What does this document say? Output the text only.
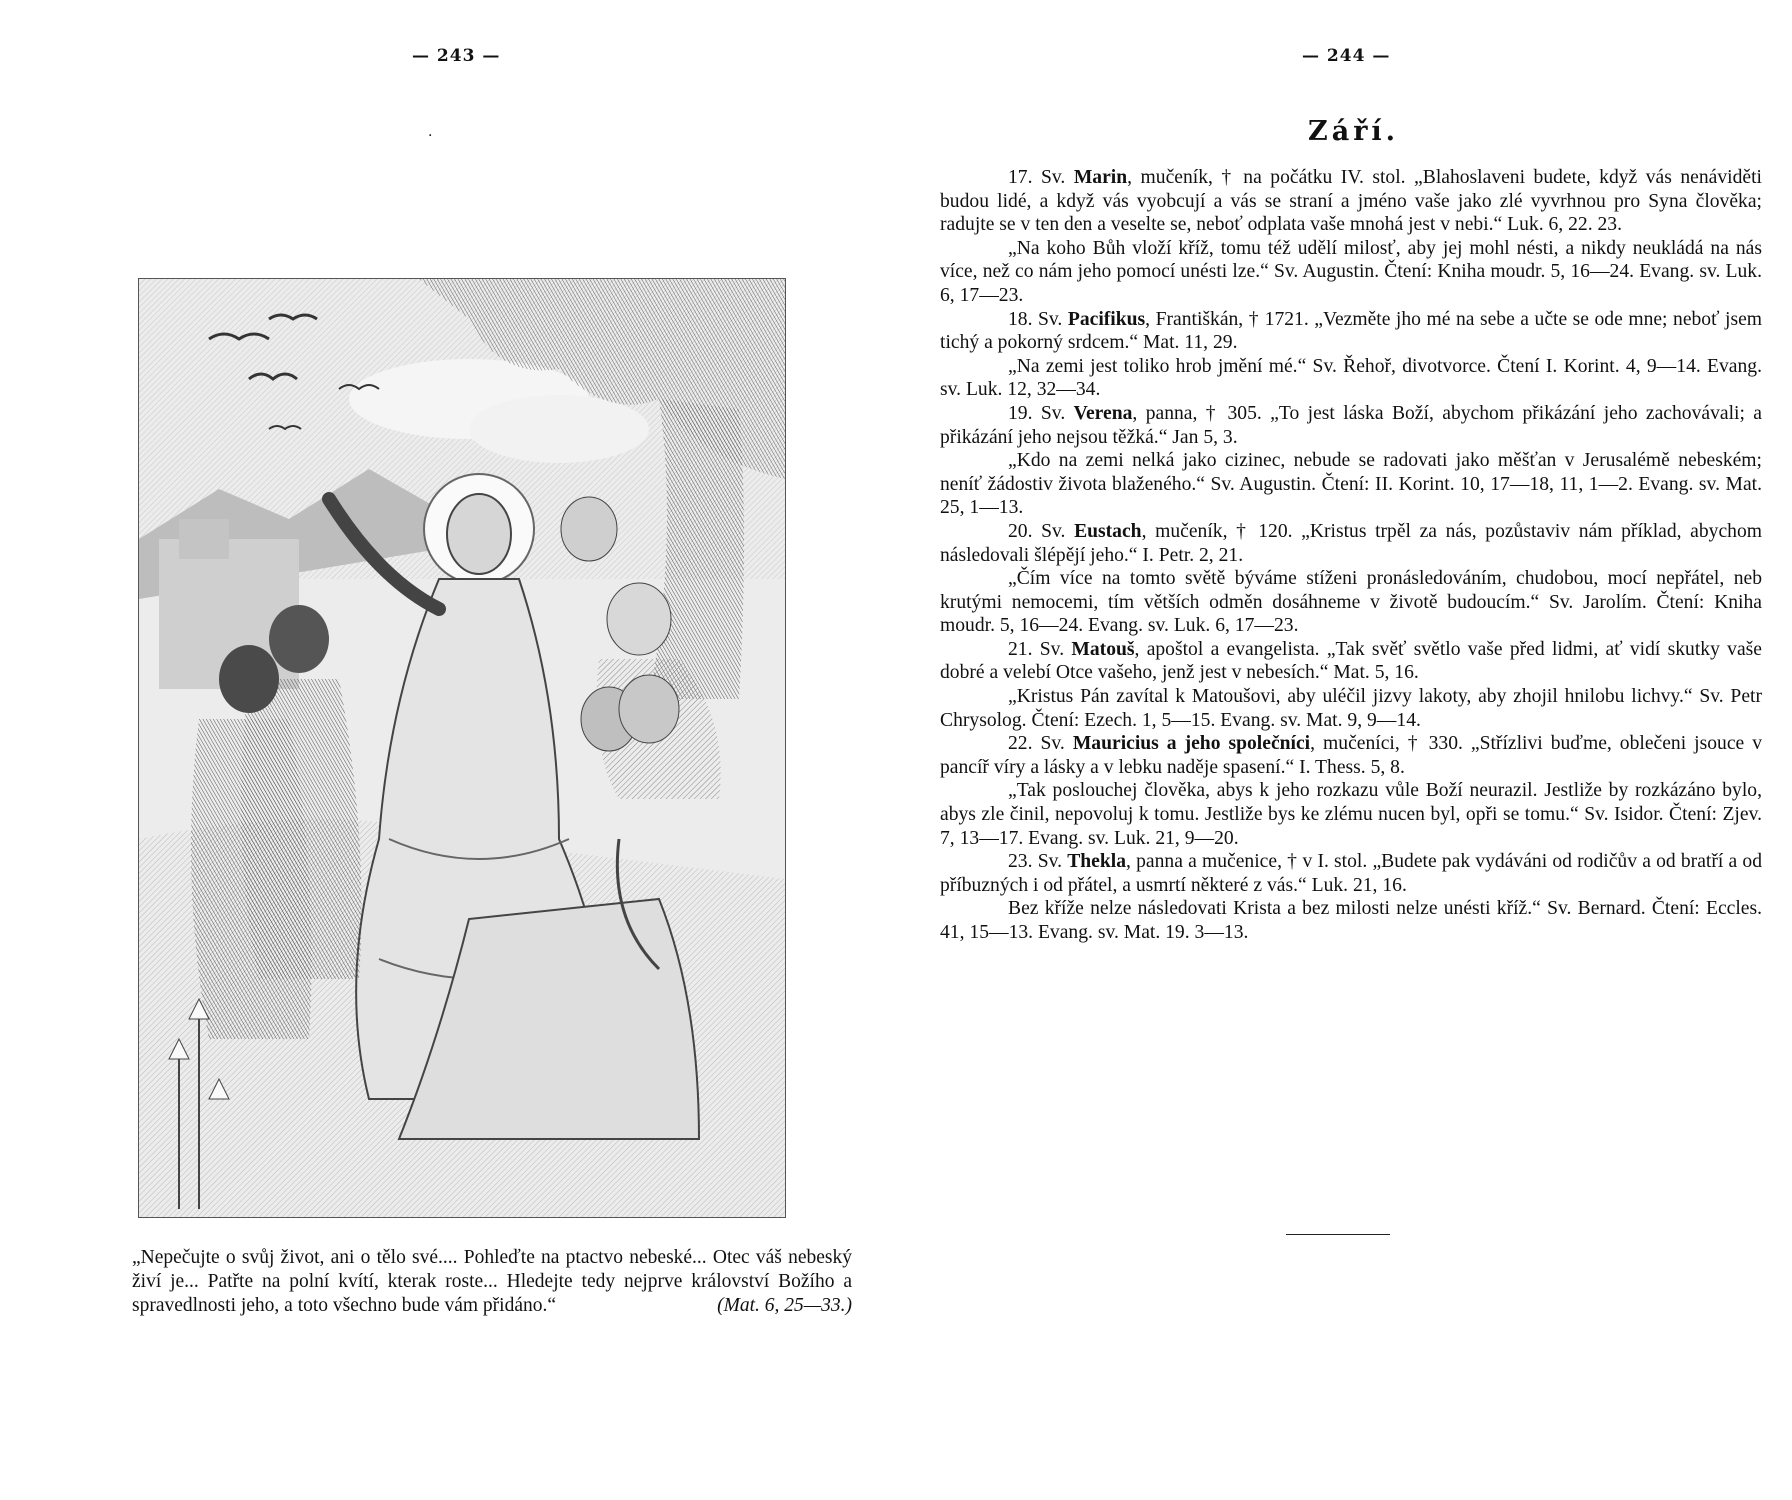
— 243 —	— 244 —
·
„Nepečujte o svůj život, ani o tělo své.... Pohleďte na ptactvo nebeské... Otec váš nebeský živí je... Patřte na polní kvítí, kterak roste... Hledejte tedy nejprve království Božího a spravedlnosti jeho, a toto všechno bude vám přidáno.“	(Mat. 6, 25—33.)
Září.

17. Sv. Marin, mučeník, † na počátku IV. stol. „Blahoslaveni budete, když vás nenáviděti budou lidé, a když vás vyobcují a vás se straní a jméno vaše jako zlé vyvrhnou pro Syna člověka; radujte se v ten den a veselte se, neboť odplata vaše mnohá jest v nebi.“ Luk. 6, 22. 23.

„Na koho Bůh vloží kříž, tomu též udělí milosť, aby jej mohl nésti, a nikdy neukládá na nás více, než co nám jeho pomocí unésti lze.“ Sv. Augustin. Čtení: Kniha moudr. 5, 16—24. Evang. sv. Luk. 6, 17—23.

18. Sv. Pacifikus, Františkán, † 1721. „Vezměte jho mé na sebe a učte se ode mne; neboť jsem tichý a pokorný srdcem.“ Mat. 11, 29.

„Na zemi jest toliko hrob jmění mé.“ Sv. Řehoř, divotvorce. Čtení I. Korint. 4, 9—14. Evang. sv. Luk. 12, 32—34.

19. Sv. Verena, panna, † 305. „To jest láska Boží, abychom přikázání jeho zachovávali; a přikázání jeho nejsou těžká.“ Jan 5, 3.

„Kdo na zemi nelká jako cizinec, nebude se radovati jako měšťan v Jerusalémě nebeském; neníť žádostiv života blaženého.“ Sv. Augustin. Čtení: II. Korint. 10, 17—18, 11, 1—2. Evang. sv. Mat. 25, 1—13.

20. Sv. Eustach, mučeník, † 120. „Kristus trpěl za nás, pozůstaviv nám příklad, abychom následovali šlépějí jeho.“ I. Petr. 2, 21.

„Čím více na tomto světě býváme stíženi pronásledováním, chudobou, mocí nepřátel, neb krutými nemocemi, tím větších odměn dosáhneme v životě budoucím.“ Sv. Jarolím. Čtení: Kniha moudr. 5, 16—24. Evang. sv. Luk. 6, 17—23.

21. Sv. Matouš, apoštol a evangelista. „Tak svěť světlo vaše před lidmi, ať vidí skutky vaše dobré a velebí Otce vašeho, jenž jest v nebesích.“ Mat. 5, 16.

„Kristus Pán zavítal k Matoušovi, aby uléčil jizvy lakoty, aby zhojil hnilobu lichvy.“ Sv. Petr Chrysolog. Čtení: Ezech. 1, 5—15. Evang. sv. Mat. 9, 9—14.

22. Sv. Mauricius a jeho společníci, mučeníci, † 330. „Střízlivi buďme, oblečeni jsouce v pancíř víry a lásky a v lebku naděje spasení.“ I. Thess. 5, 8.

„Tak poslouchej člověka, abys k jeho rozkazu vůle Boží neurazil. Jestliže by rozkázáno bylo, abys zle činil, nepovoluj k tomu. Jestliže bys ke zlému nucen byl, opři se tomu.“ Sv. Isidor. Čtení: Zjev. 7, 13—17. Evang. sv. Luk. 21, 9—20.

23. Sv. Thekla, panna a mučenice, † v I. stol. „Budete pak vydáváni od rodičův a od bratří a od příbuzných i od přátel, a usmrtí některé z vás.“ Luk. 21, 16.

Bez kříže nelze následovati Krista a bez milosti nelze unésti kříž.“ Sv. Bernard. Čtení: Eccles. 41, 15—13. Evang. sv. Mat. 19. 3—13.
